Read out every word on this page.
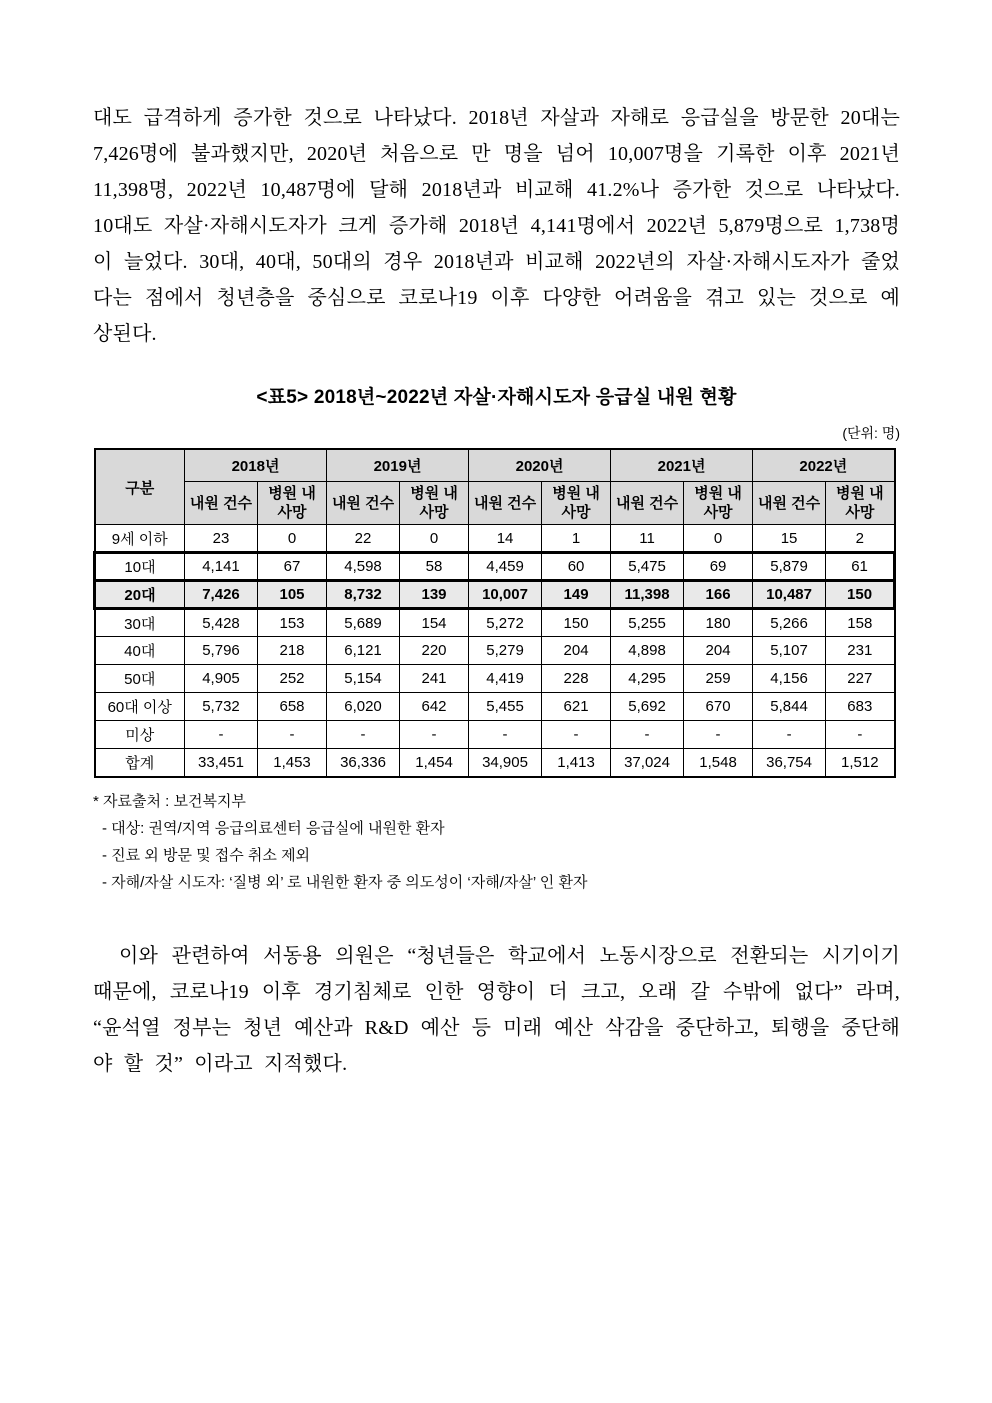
대도 급격하게 증가한 것으로 나타났다. 2018년 자살과 자해로 응급실을 방문한 20대는 7,426명에 불과했지만, 2020년 처음으로 만 명을 넘어 10,007명을 기록한 이후 2021년 11,398명, 2022년 10,487명에 달해 2018년과 비교해 41.2%나 증가한 것으로 나타났다. 10대도 자살·자해시도자가 크게 증가해 2018년 4,141명에서 2022년 5,879명으로 1,738명이 늘었다. 30대, 40대, 50대의 경우 2018년과 비교해 2022년의 자살·자해시도자가 줄었다는 점에서 청년층을 중심으로 코로나19 이후 다양한 어려움을 겪고 있는 것으로 예상된다.

<표5> 2018년~2022년 자살·자해시도자 응급실 내원 현황
(단위: 명)
구분	2018년		2019년		2020년		2021년		2022년	
	내원 건수	병원 내 사망	내원 건수	병원 내 사망	내원 건수	병원 내 사망	내원 건수	병원 내 사망	내원 건수	병원 내 사망
9세 이하	23	0	22	0	14	1	11	0	15	2
10대	4,141	67	4,598	58	4,459	60	5,475	69	5,879	61
20대	7,426	105	8,732	139	10,007	149	11,398	166	10,487	150
30대	5,428	153	5,689	154	5,272	150	5,255	180	5,266	158
40대	5,796	218	6,121	220	5,279	204	4,898	204	5,107	231
50대	4,905	252	5,154	241	4,419	228	4,295	259	4,156	227
60대 이상	5,732	658	6,020	642	5,455	621	5,692	670	5,844	683
미상	-	-	-	-	-	-	-	-	-	-
합계	33,451	1,453	36,336	1,454	34,905	1,413	37,024	1,548	36,754	1,512
* 자료출처 : 보건복지부
- 대상: 권역/지역 응급의료센터 응급실에 내원한 환자
- 진료 외 방문 및 접수 취소 제외
- 자해/자살 시도자: ‘질병 외’ 로 내원한 환자 중 의도성이 ‘자해/자살’ 인 환자

이와 관련하여 서동용 의원은 “청년들은 학교에서 노동시장으로 전환되는 시기이기 때문에, 코로나19 이후 경기침체로 인한 영향이 더 크고, 오래 갈 수밖에 없다” 라며, “윤석열 정부는 청년 예산과 R&D 예산 등 미래 예산 삭감을 중단하고, 퇴행을 중단해야 할 것” 이라고 지적했다.
